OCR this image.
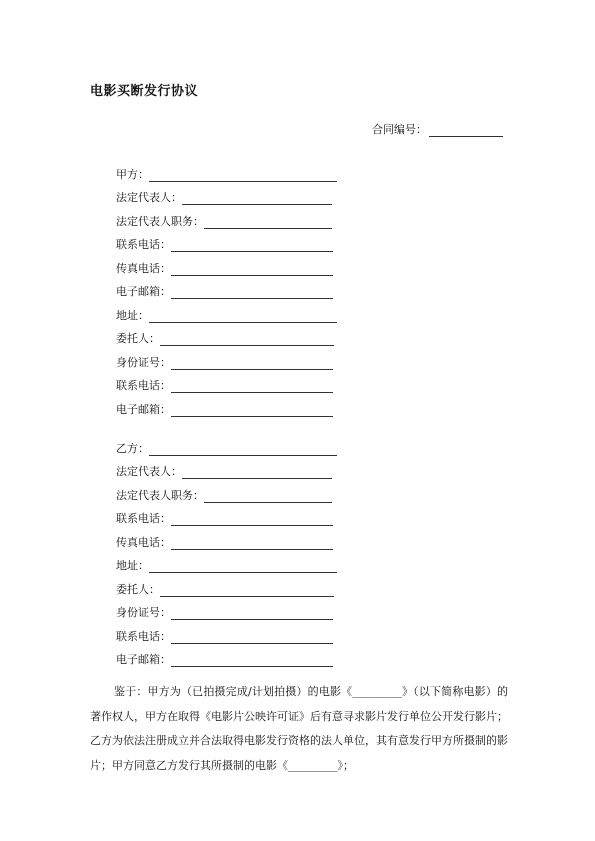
电影买断发行协议
合同编号：
甲方：
法定代表人：
法定代表人职务：
联系电话：
传真电话：
电子邮箱：
地址：
委托人：
身份证号：
联系电话：
电子邮箱：
乙方：
法定代表人：
法定代表人职务：
联系电话：
传真电话：
地址：
委托人：
身份证号：
联系电话：
电子邮箱：
鉴于：甲方为（已拍摄完成/计划拍摄）的电影《_________》（以下简称电影）的著作权人，甲方在取得《电影片公映许可证》后有意寻求影片发行单位公开发行影片；乙方为依法注册成立并合法取得电影发行资格的法人单位，其有意发行甲方所摄制的影片；甲方同意乙方发行其所摄制的电影《_________》；
